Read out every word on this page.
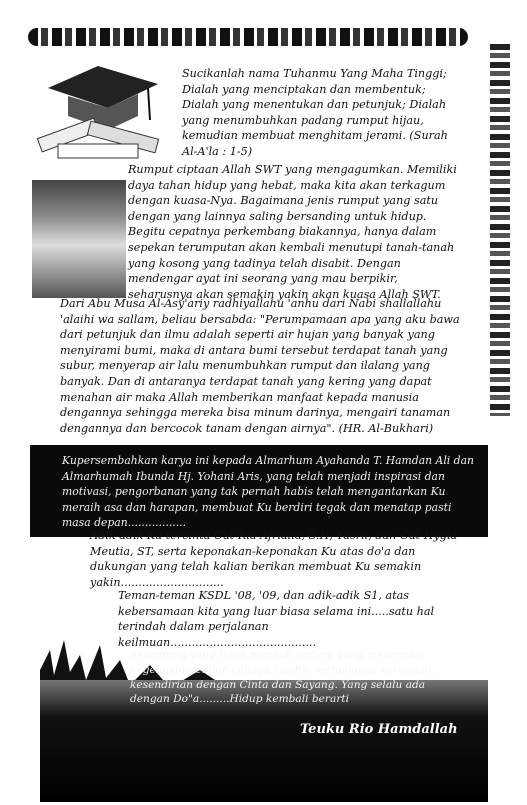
Sucikanlah nama Tuhanmu Yang Maha Tinggi; Dialah yang menciptakan dan membentuk; Dialah yang menentukan dan petunjuk; Dialah yang menumbuhkan padang rumput hijau, kemudian membuat menghitam jerami. (Surah Al-A'la : 1-5)
Rumput ciptaan Allah SWT yang mengagumkan. Memiliki daya tahan hidup yang hebat, maka kita akan terkagum dengan kuasa-Nya. Bagaimana jenis rumput yang satu dengan yang lainnya saling bersanding untuk hidup. Begitu cepatnya perkembang biakannya, hanya dalam sepekan terumputan akan kembali menutupi tanah-tanah yang kosong yang tadinya telah disabit. Dengan mendengar ayat ini seorang yang mau berpikir, seharusnya akan semakin yakin akan kuasa Allah SWT.
Dari Abu Musa Al-Asy'ariy radhiyallahu 'anhu dari Nabi shallallahu 'alaihi wa sallam, beliau bersabda: "Perumpamaan apa yang aku bawa dari petunjuk dan ilmu adalah seperti air hujan yang banyak yang menyirami bumi, maka di antara bumi tersebut terdapat tanah yang subur, menyerap air lalu menumbuhkan rumput dan ilalang yang banyak. Dan di antaranya terdapat tanah yang kering yang dapat menahan air maka Allah memberikan manfaat kepada manusia dengannya sehingga mereka bisa minum darinya, mengairi tanaman dengannya dan bercocok tanam dengan airnya". (HR. Al-Bukhari)
Kupersembahkan karya ini kepada Almarhum Ayahanda T. Hamdan Ali dan Almarhumah Ibunda Hj. Yohani Aris, yang telah menjadi inspirasi dan motivasi, pengorbanan yang tak pernah habis telah mengantarkan Ku meraih asa dan harapan, membuat Ku berdiri tegak dan menatap pasti masa depan.................
Adik-adik Ku tercinta Cut Ria Afrialia, S.H, Yusril, dan Cut Hygia Meutia, ST, serta keponakan-keponakan Ku atas do'a dan dukungan yang telah kalian berikan membuat Ku semakin yakin.............................
Teman-teman KSDL '08, '09, dan adik-adik S1, atas kebersamaan kita yang luar biasa selama ini.....satu hal terindah dalam perjalanan keilmuan.........................................
Seseorang yang telah menjadi lentera yang menerangi kegelapan dengan cahaya kasihn, menghapus keraguan, kesendirian dengan Cinta dan Sayang. Yang selalu ada dengan Do"a.........Hidup kembali berarti
Teuku Rio Hamdallah
